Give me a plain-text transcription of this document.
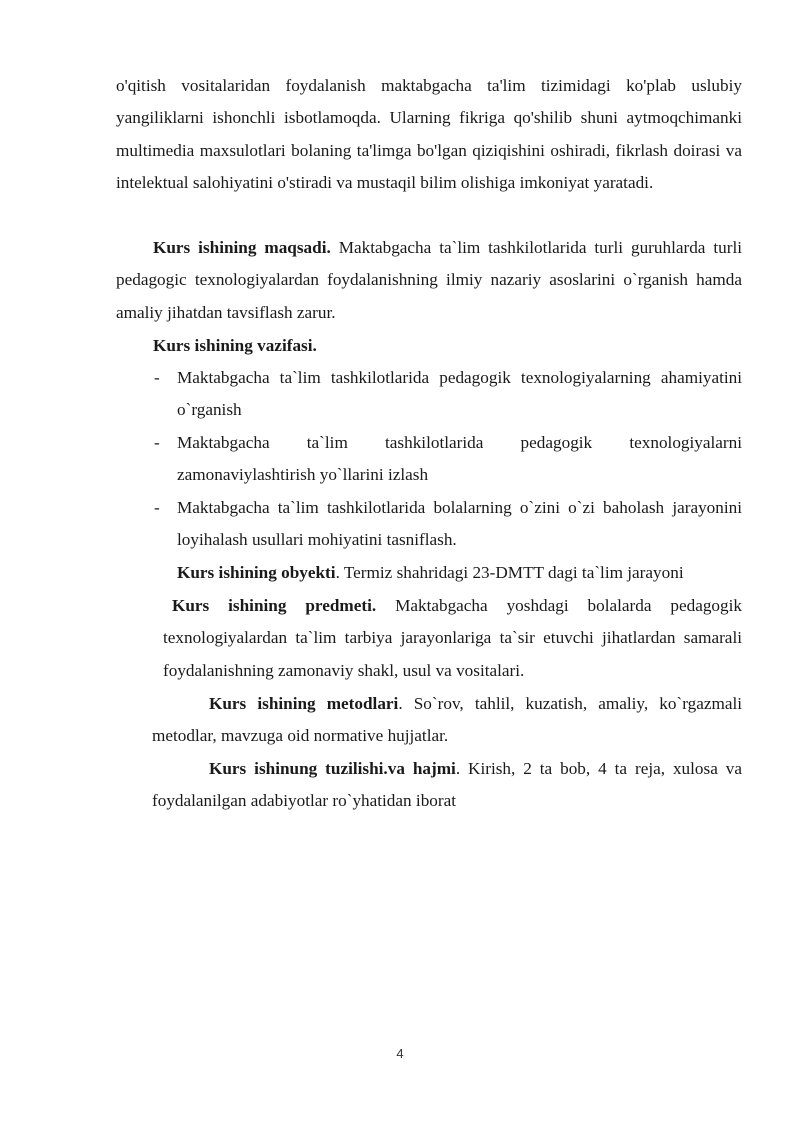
o'qitish vositalaridan foydalanish maktabgacha ta'lim tizimidagi ko'plab uslubiy yangiliklarni ishonchli isbotlamoqda. Ularning fikriga qo'shilib shuni aytmoqchimanki multimedia maxsulotlari bolaning ta'limga bo'lgan qiziqishini oshiradi, fikrlash doirasi va intelektual salohiyatini o'stiradi va mustaqil bilim olishiga imkoniyat yaratadi.

Kurs ishining maqsadi. Maktabgacha ta`lim tashkilotlarida turli guruhlarda turli pedagogic texnologiyalardan foydalanishning ilmiy nazariy asoslarini o`rganish hamda amaliy jihatdan tavsiflash zarur.

Kurs ishining vazifasi.

- Maktabgacha ta`lim tashkilotlarida pedagogik texnologiyalarning ahamiyatini o`rganish

- Maktabgacha ta`lim tashkilotlarida pedagogik texnologiyalarni zamonaviylashtirish yo`llarini izlash

- Maktabgacha ta`lim tashkilotlarida bolalarning o`zini o`zi baholash jarayonini loyihalash usullari mohiyatini tasniflash.

Kurs ishining obyekti. Termiz shahridagi 23-DMTT dagi ta`lim jarayoni

Kurs ishining predmeti. Maktabgacha yoshdagi bolalarda pedagogik texnologiyalardan ta`lim tarbiya jarayonlariga ta`sir etuvchi jihatlardan samarali foydalanishning zamonaviy shakl, usul va vositalari.

Kurs ishining metodlari. So`rov, tahlil, kuzatish, amaliy, ko`rgazmali metodlar, mavzuga oid normative hujjatlar.

Kurs ishinung tuzilishi.va hajmi. Kirish, 2 ta bob, 4 ta reja, xulosa va foydalanilgan adabiyotlar ro`yhatidan iborat

4
